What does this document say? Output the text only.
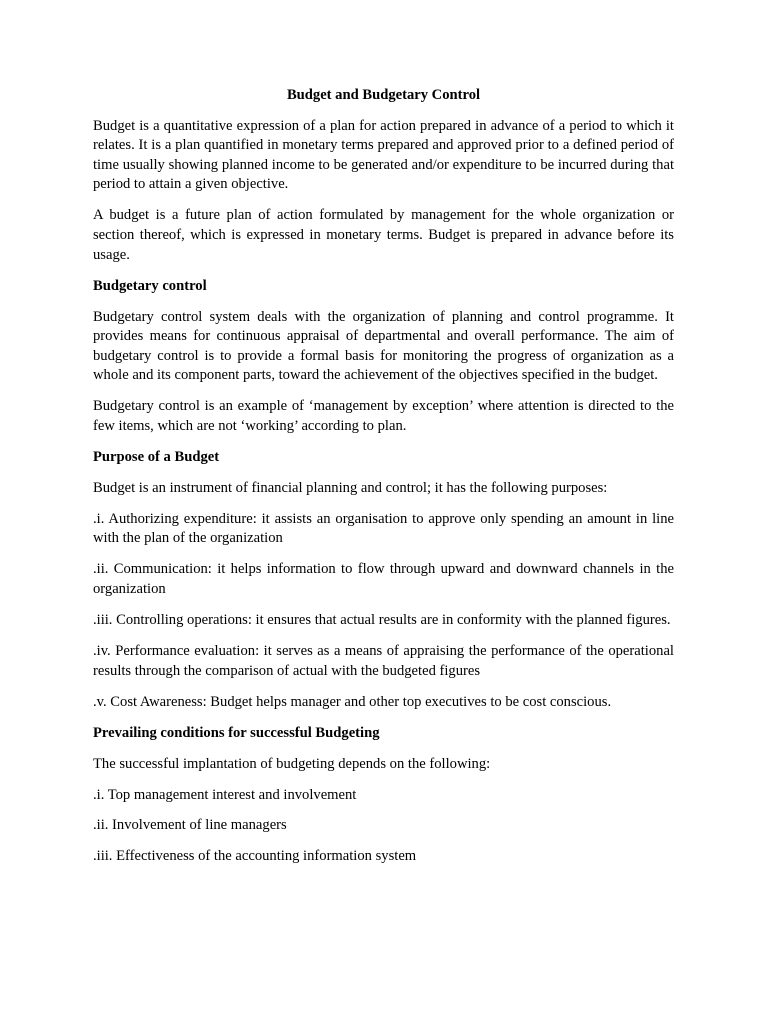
Budget and Budgetary Control

Budget is a quantitative expression of a plan for action prepared in advance of a period to which it relates. It is a plan quantified in monetary terms prepared and approved prior to a defined period of time usually showing planned income to be generated and/or expenditure to be incurred during that period to attain a given objective.

A budget is a future plan of action formulated by management for the whole organization or section thereof, which is expressed in monetary terms. Budget is prepared in advance before its usage.

Budgetary control

Budgetary control system deals with the organization of planning and control programme. It provides means for continuous appraisal of departmental and overall performance. The aim of budgetary control is to provide a formal basis for monitoring the progress of organization as a whole and its component parts, toward the achievement of the objectives specified in the budget.

Budgetary control is an example of ‘management by exception’ where attention is directed to the few items, which are not ‘working’ according to plan.

Purpose of a Budget

Budget is an instrument of financial planning and control; it has the following purposes:

.i. Authorizing expenditure: it assists an organisation to approve only spending an amount in line with the plan of the organization

.ii. Communication: it helps information to flow through upward and downward channels in the organization

.iii. Controlling operations: it ensures that actual results are in conformity with the planned figures.

.iv. Performance evaluation: it serves as a means of appraising the performance of the operational results through the comparison of actual with the budgeted figures

.v. Cost Awareness: Budget helps manager and other top executives to be cost conscious.

Prevailing conditions for successful Budgeting

The successful implantation of budgeting depends on the following:

.i. Top management interest and involvement

.ii. Involvement of line managers

.iii. Effectiveness of the accounting information system
